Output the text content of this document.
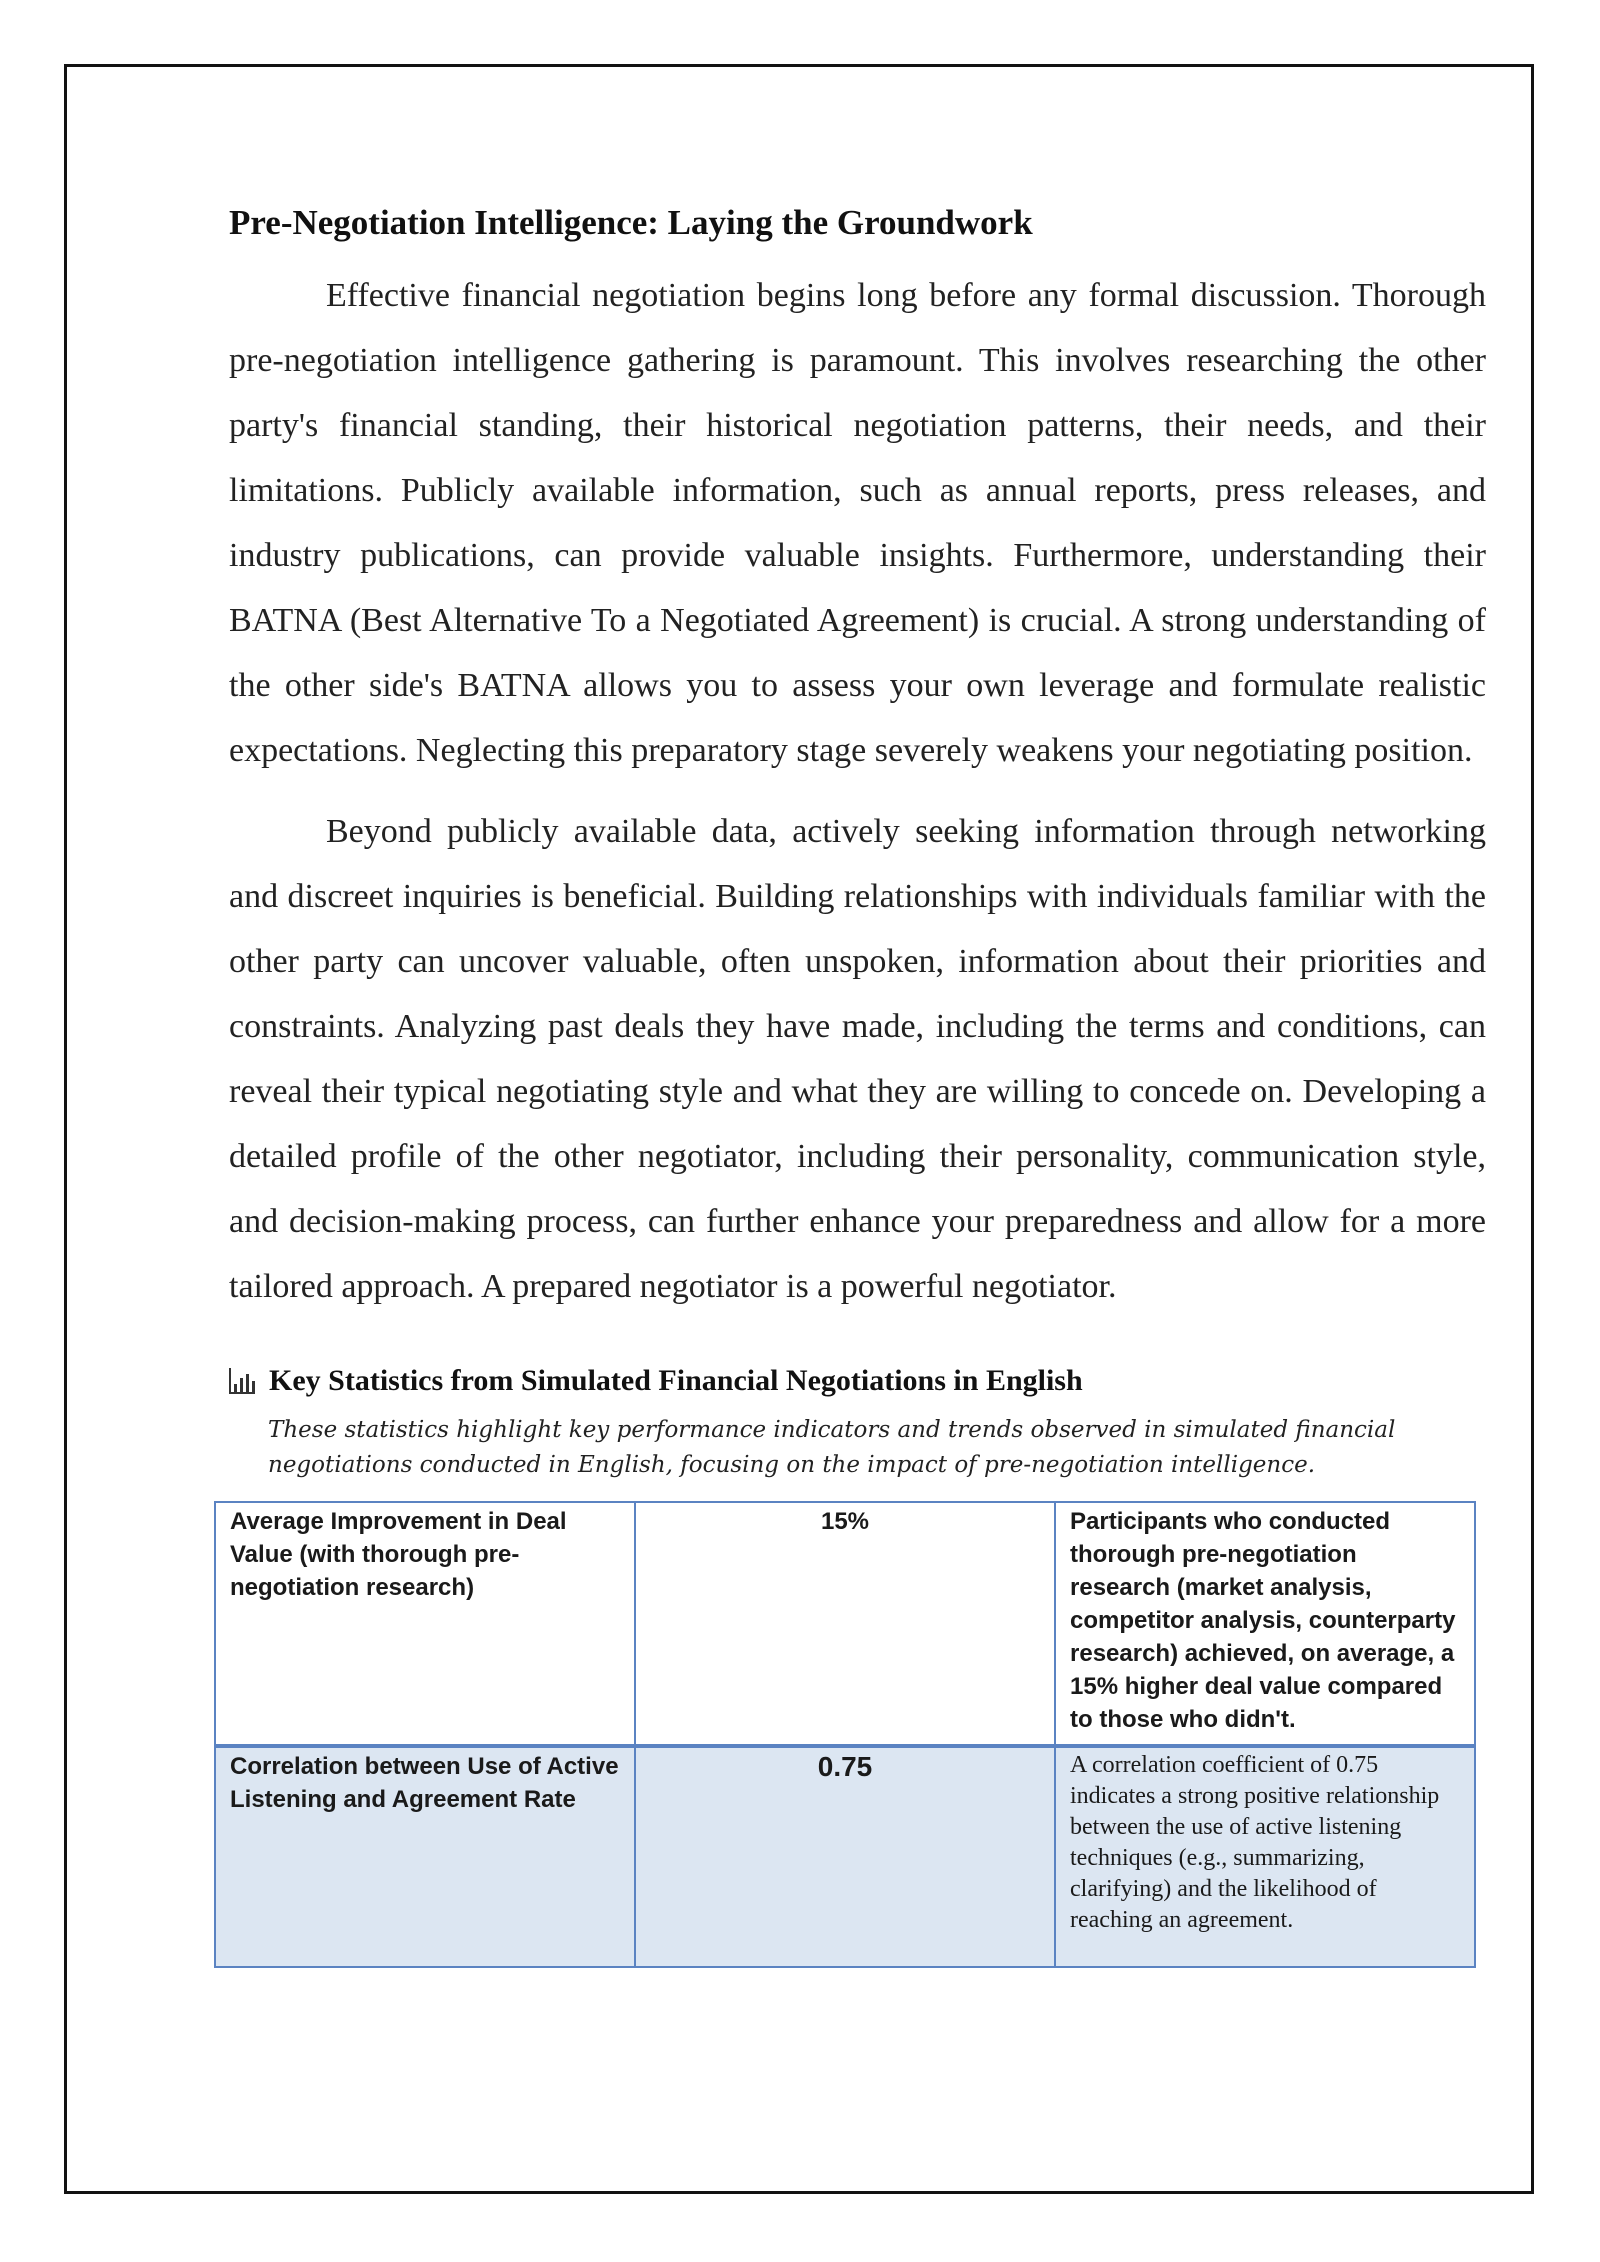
Pre-Negotiation Intelligence: Laying the Groundwork

Effective financial negotiation begins long before any formal discussion. Thorough pre-negotiation intelligence gathering is paramount. This involves researching the other party's financial standing, their historical negotiation patterns, their needs, and their limitations. Publicly available information, such as annual reports, press releases, and industry publications, can provide valuable insights. Furthermore, understanding their BATNA (Best Alternative To a Negotiated Agreement) is crucial. A strong understanding of the other side's BATNA allows you to assess your own leverage and formulate realistic expectations. Neglecting this preparatory stage severely weakens your negotiating position.

Beyond publicly available data, actively seeking information through networking and discreet inquiries is beneficial. Building relationships with individuals familiar with the other party can uncover valuable, often unspoken, information about their priorities and constraints. Analyzing past deals they have made, including the terms and conditions, can reveal their typical negotiating style and what they are willing to concede on. Developing a detailed profile of the other negotiator, including their personality, communication style, and decision-making process, can further enhance your preparedness and allow for a more tailored approach. A prepared negotiator is a powerful negotiator.

Key Statistics from Simulated Financial Negotiations in English
These statistics highlight key performance indicators and trends observed in simulated financial negotiations conducted in English, focusing on the impact of pre-negotiation intelligence.
Average Improvement in Deal Value (with thorough pre-negotiation research)	15%	Participants who conducted thorough pre-negotiation research (market analysis, competitor analysis, counterparty research) achieved, on average, a 15% higher deal value compared to those who didn't.
Correlation between Use of Active Listening and Agreement Rate	0.75	A correlation coefficient of 0.75 indicates a strong positive relationship between the use of active listening techniques (e.g., summarizing, clarifying) and the likelihood of reaching an agreement.
